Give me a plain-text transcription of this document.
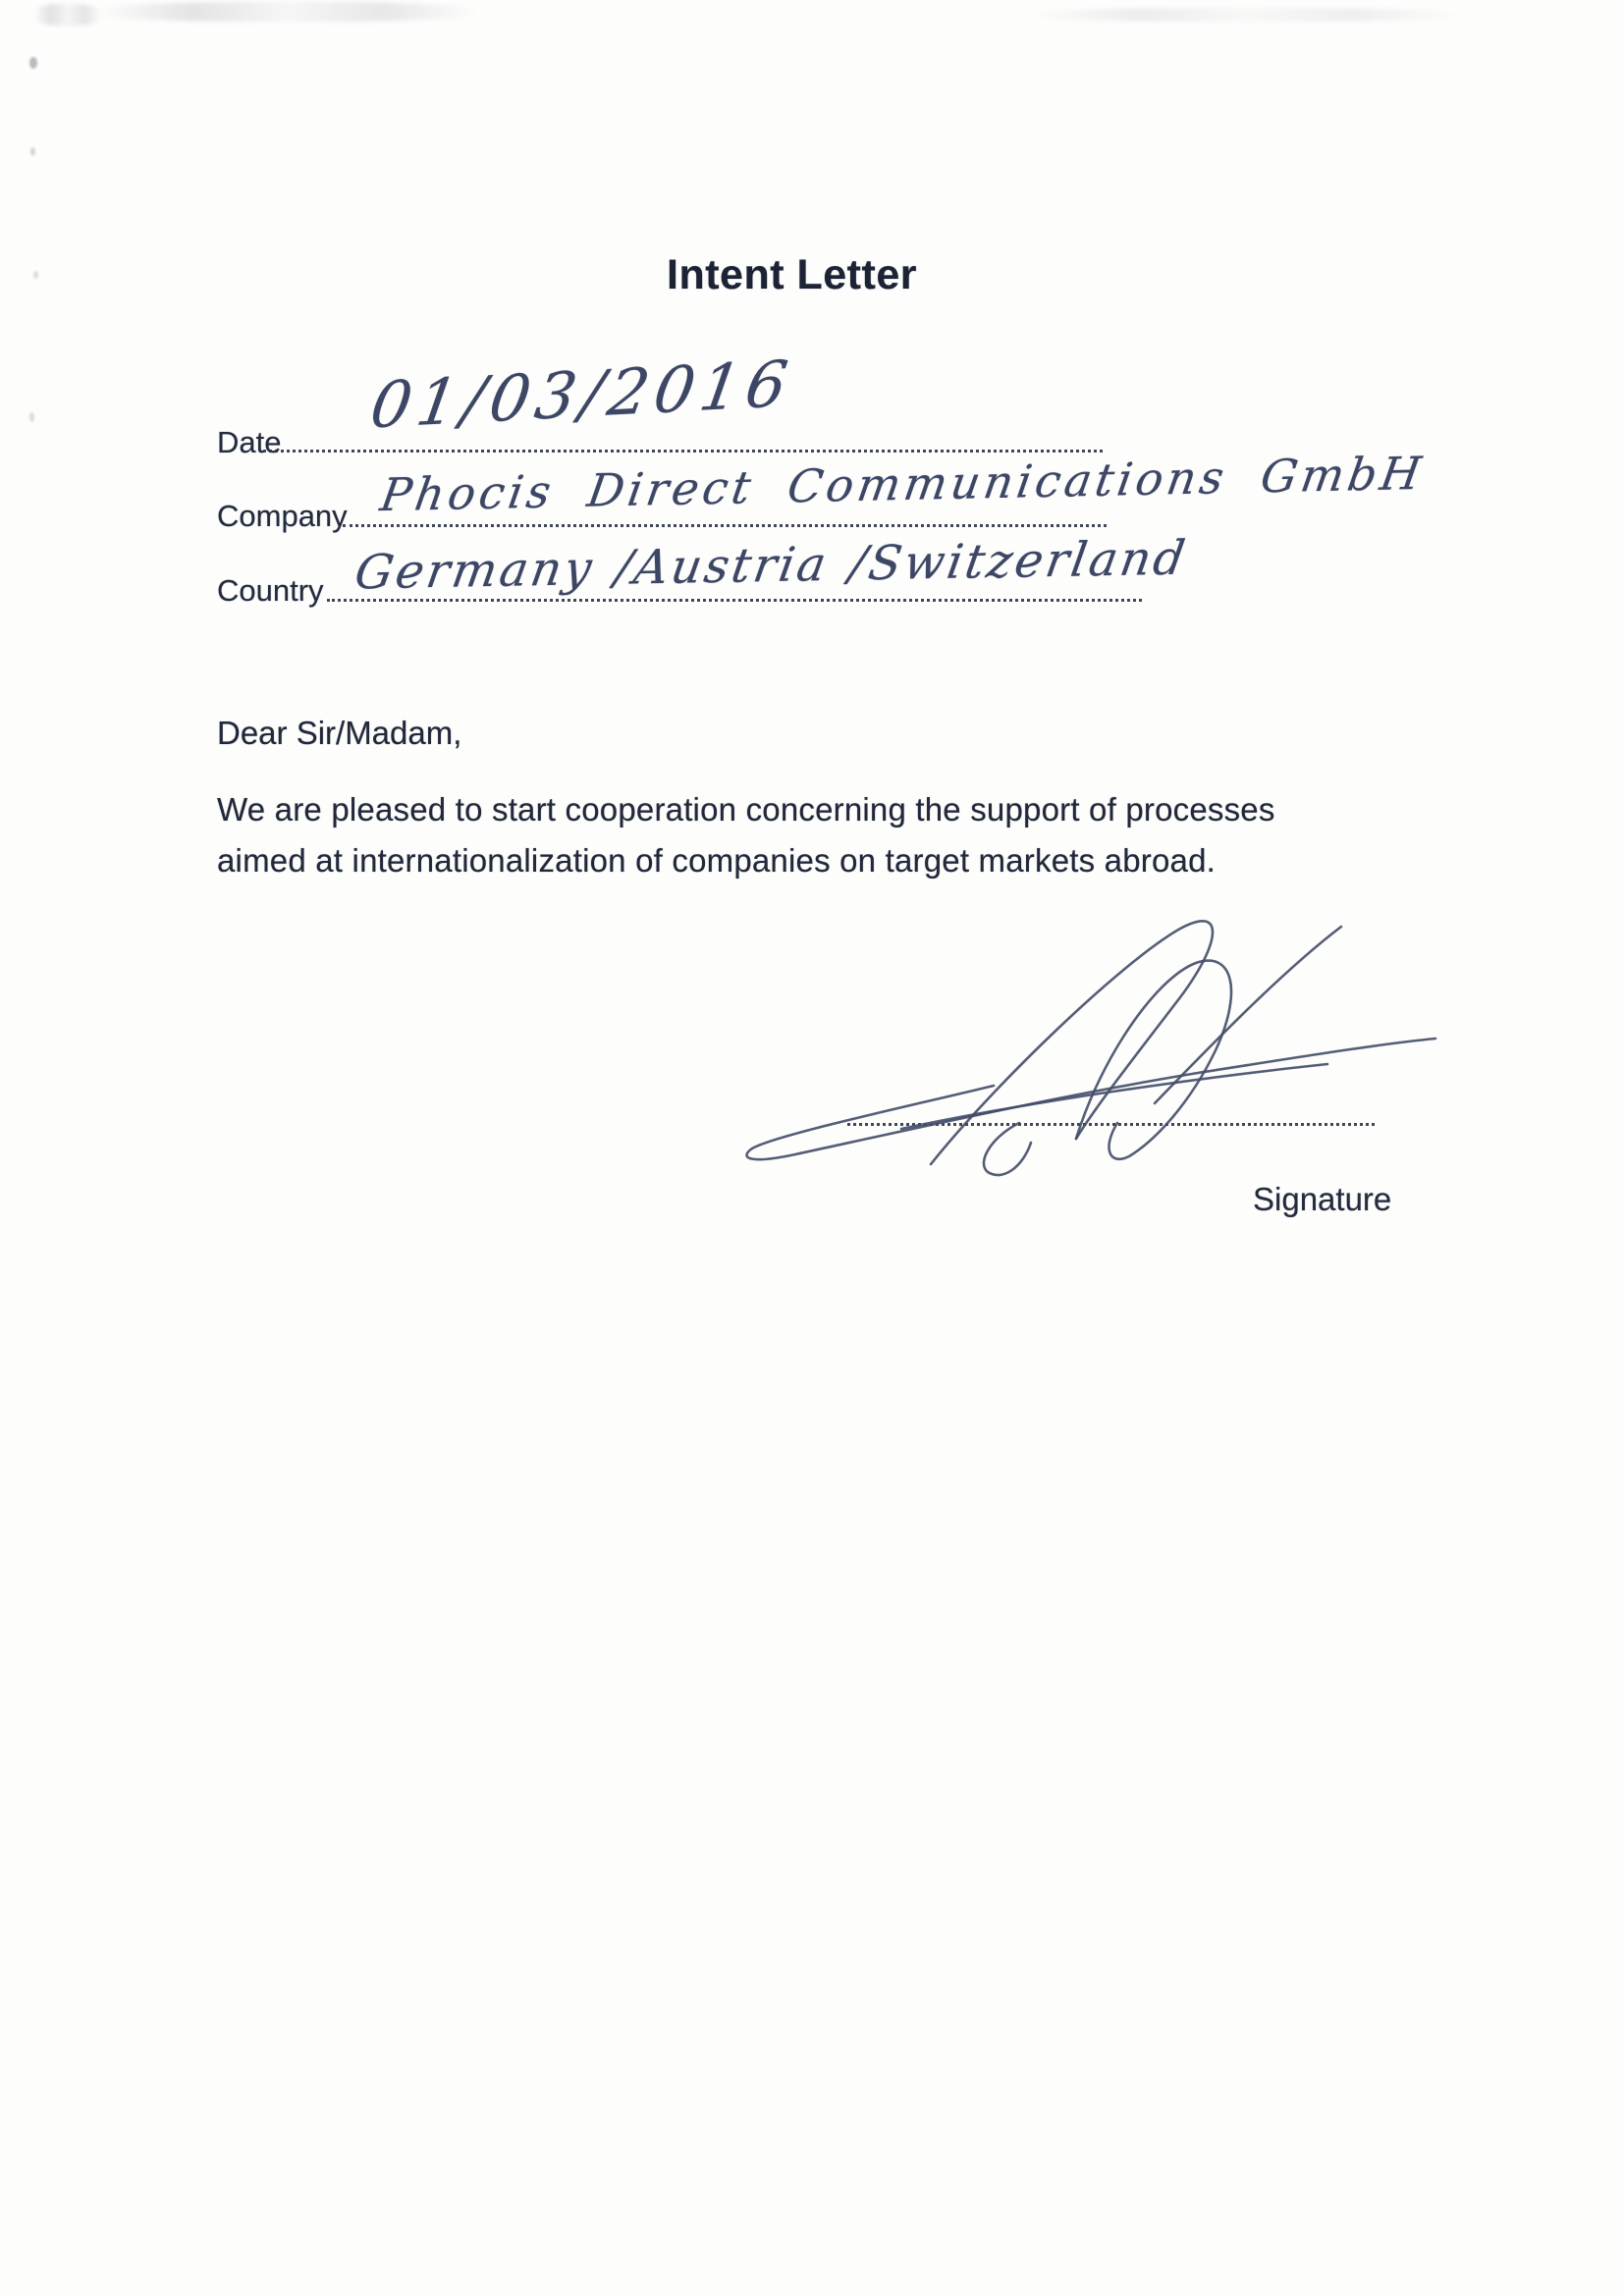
Intent Letter
Date 01/03/2016
Company Phocis Direct Communications GmbH
Country Germany /Austria /Switzerland
Dear Sir/Madam,
We are pleased to start cooperation concerning the support of processes
aimed at internationalization of companies on target markets abroad.
Signature
